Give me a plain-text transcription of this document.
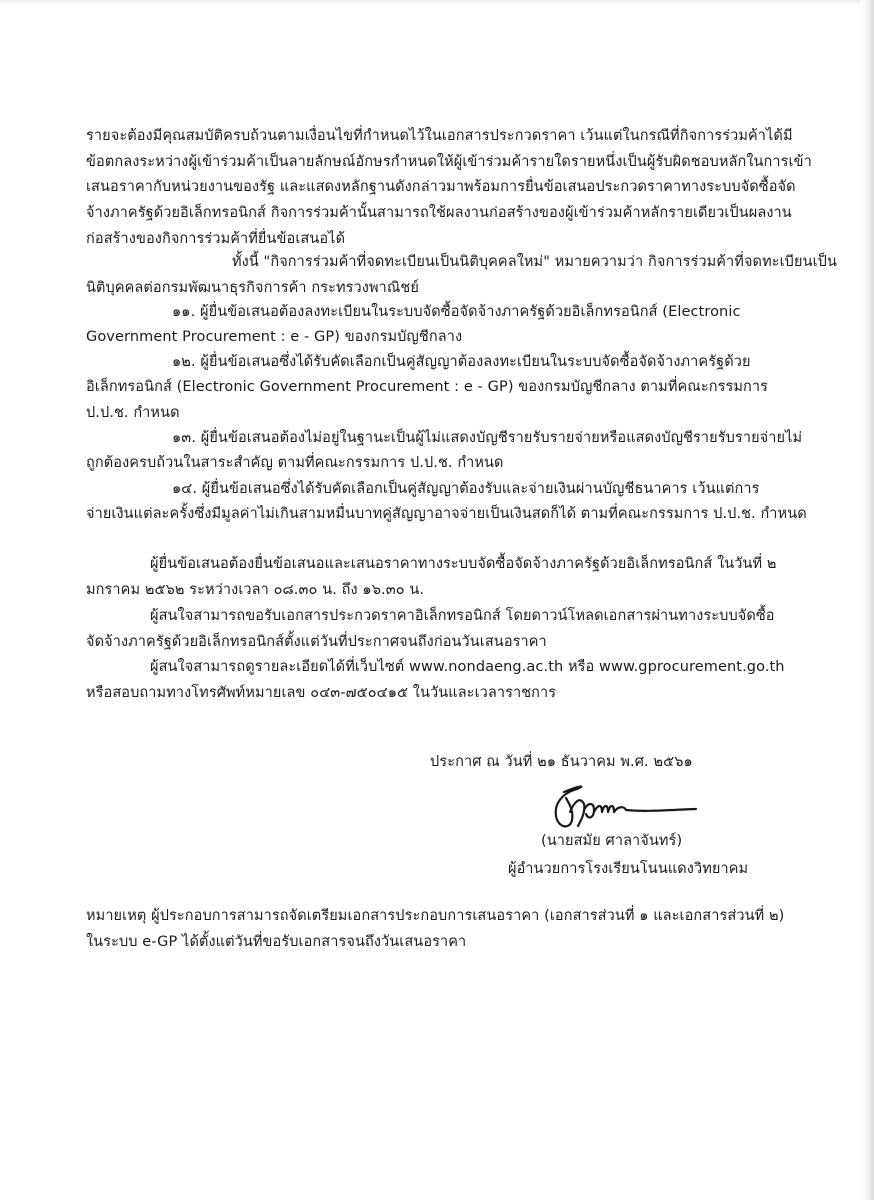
รายจะต้องมีคุณสมบัติครบถ้วนตามเงื่อนไขที่กำหนดไว้ในเอกสารประกวดราคา เว้นแต่ในกรณีที่กิจการร่วมค้าได้มี

ข้อตกลงระหว่างผู้เข้าร่วมค้าเป็นลายลักษณ์อักษรกำหนดให้ผู้เข้าร่วมค้ารายใดรายหนึ่งเป็นผู้รับผิดชอบหลักในการเข้า

เสนอราคากับหน่วยงานของรัฐ และแสดงหลักฐานดังกล่าวมาพร้อมการยื่นข้อเสนอประกวดราคาทางระบบจัดซื้อจัด

จ้างภาครัฐด้วยอิเล็กทรอนิกส์ กิจการร่วมค้านั้นสามารถใช้ผลงานก่อสร้างของผู้เข้าร่วมค้าหลักรายเดียวเป็นผลงาน

ก่อสร้างของกิจการร่วมค้าที่ยื่นข้อเสนอได้

ทั้งนี้ "กิจการร่วมค้าที่จดทะเบียนเป็นนิติบุคคลใหม่" หมายความว่า กิจการร่วมค้าที่จดทะเบียนเป็น

นิติบุคคลต่อกรมพัฒนาธุรกิจการค้า กระทรวงพาณิชย์

๑๑. ผู้ยื่นข้อเสนอต้องลงทะเบียนในระบบจัดซื้อจัดจ้างภาครัฐด้วยอิเล็กทรอนิกส์ (Electronic

Government Procurement : e - GP) ของกรมบัญชีกลาง

๑๒. ผู้ยื่นข้อเสนอซึ่งได้รับคัดเลือกเป็นคู่สัญญาต้องลงทะเบียนในระบบจัดซื้อจัดจ้างภาครัฐด้วย

อิเล็กทรอนิกส์ (Electronic Government Procurement : e - GP) ของกรมบัญชีกลาง ตามที่คณะกรรมการ

ป.ป.ช. กำหนด

๑๓. ผู้ยื่นข้อเสนอต้องไม่อยู่ในฐานะเป็นผู้ไม่แสดงบัญชีรายรับรายจ่ายหรือแสดงบัญชีรายรับรายจ่ายไม่

ถูกต้องครบถ้วนในสาระสำคัญ ตามที่คณะกรรมการ ป.ป.ช. กำหนด

๑๔. ผู้ยื่นข้อเสนอซึ่งได้รับคัดเลือกเป็นคู่สัญญาต้องรับและจ่ายเงินผ่านบัญชีธนาคาร เว้นแต่การ

จ่ายเงินแต่ละครั้งซึ่งมีมูลค่าไม่เกินสามหมื่นบาทคู่สัญญาอาจจ่ายเป็นเงินสดก็ได้ ตามที่คณะกรรมการ ป.ป.ช. กำหนด

ผู้ยื่นข้อเสนอต้องยื่นข้อเสนอและเสนอราคาทางระบบจัดซื้อจัดจ้างภาครัฐด้วยอิเล็กทรอนิกส์ ในวันที่ ๒

มกราคม ๒๕๖๒ ระหว่างเวลา ๐๘.๓๐ น. ถึง ๑๖.๓๐ น.

ผู้สนใจสามารถขอรับเอกสารประกวดราคาอิเล็กทรอนิกส์ โดยดาวน์โหลดเอกสารผ่านทางระบบจัดซื้อ

จัดจ้างภาครัฐด้วยอิเล็กทรอนิกส์ตั้งแต่วันที่ประกาศจนถึงก่อนวันเสนอราคา

ผู้สนใจสามารถดูรายละเอียดได้ที่เว็บไซต์ www.nondaeng.ac.th หรือ www.gprocurement.go.th

หรือสอบถามทางโทรศัพท์หมายเลข ๐๔๓-๗๕๐๔๑๕ ในวันและเวลาราชการ

ประกาศ ณ วันที่ ๒๑ ธันวาคม พ.ศ. ๒๕๖๑

(นายสมัย ศาลาจันทร์)

ผู้อำนวยการโรงเรียนโนนแดงวิทยาคม

หมายเหตุ ผู้ประกอบการสามารถจัดเตรียมเอกสารประกอบการเสนอราคา (เอกสารส่วนที่ ๑ และเอกสารส่วนที่ ๒)

ในระบบ e-GP ได้ตั้งแต่วันที่ขอรับเอกสารจนถึงวันเสนอราคา
